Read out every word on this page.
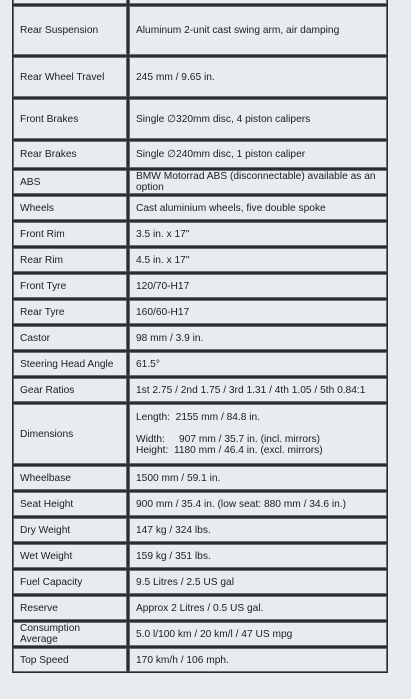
Rear Suspension	Aluminum 2-unit cast swing arm, air damping
Rear Wheel Travel	245 mm / 9.65 in.
Front Brakes	Single ∅320mm disc, 4 piston calipers
Rear Brakes	Single ∅240mm disc, 1 piston caliper
ABS	BMW Motorrad ABS (disconnectable) available as an option
Wheels	Cast aluminium wheels, five double spoke
Front Rim	3.5 in. x 17"
Rear Rim	4.5 in. x 17"
Front Tyre	120/70-H17
Rear Tyre	160/60-H17
Castor	98 mm / 3.9 in.
Steering Head Angle	61.5°
Gear Ratios	1st 2.75 / 2nd 1.75 / 3rd 1.31 / 4th 1.05 / 5th 0.84:1
Dimensions	Length:  2155 mm / 84.8 in.
Width:     907 mm / 35.7 in. (incl. mirrors)
Height:  1180 mm / 46.4 in. (excl. mirrors)

Wheelbase	1500 mm / 59.1 in.
Seat Height	900 mm / 35.4 in. (low seat: 880 mm / 34.6 in.)
Dry Weight	147 kg / 324 lbs.
Wet Weight	159 kg / 351 lbs.
Fuel Capacity	9.5 Litres / 2.5 US gal
Reserve	Approx 2 Litres / 0.5 US gal.
Consumption Average	5.0 l/100 km / 20 km/l / 47 US mpg
Top Speed	170 km/h / 106 mph.
